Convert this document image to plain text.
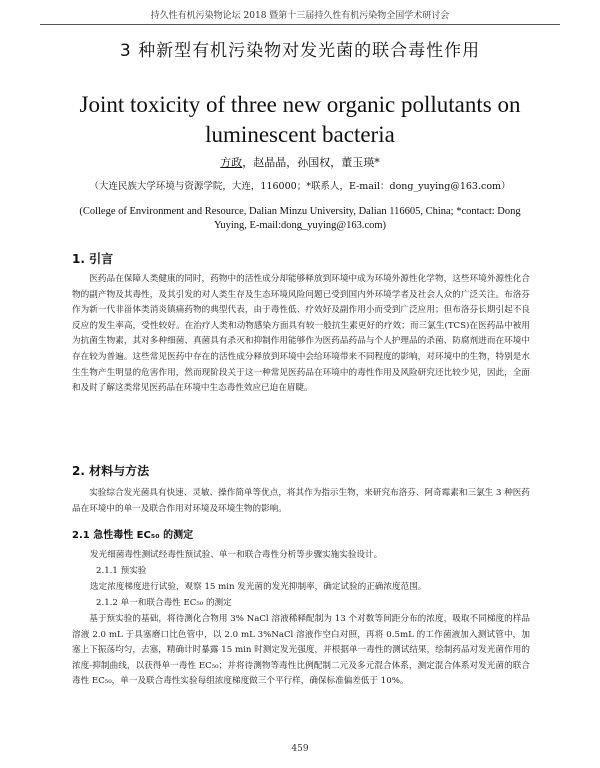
持久性有机污染物论坛 2018 暨第十三届持久性有机污染物全国学术研讨会
3 种新型有机污染物对发光菌的联合毒性作用
Joint toxicity of three new organic pollutants on luminescent bacteria
方政，赵晶晶，孙国权，董玉瑛*
（大连民族大学环境与资源学院，大连，116000；*联系人，E-mail：dong_yuying@163.com）
(College of Environment and Resource, Dalian Minzu University, Dalian 116605, China; *contact: Dong Yuying, E-mail:dong_yuying@163.com)
1. 引言
医药品在保障人类健康的同时，药物中的活性成分却能够释放到环境中成为环境外源性化学物，这些环境外源性化合物的副产物及其毒性，及其引发的对人类生存及生态环境风险问题已受到国内外环境学者及社会人众的广泛关注。布洛芬作为新一代非甾体类消炎镇痛药物的典型代表，由于毒性低、疗效好及副作用小而受到广泛应用；但布洛芬长期引起不良反应的发生率高，受性较好。在治疗人类和动物感染方面具有较一般抗生素更好的疗效；而三氯生(TCS)在医药品中被用为抗菌生物素，其对多种细菌、真菌具有杀灭和抑制作用能够作为医药品药品与个人护理品的杀菌、防腐剂进而在环境中存在较为普遍。这些常见医药中存在的活性成分释放到环境中会给环境带来不同程度的影响，对环境中的生物，特别是水生生物产生明显的危害作用，然而现阶段关于这一种常见医药品在环境中的毒性作用及风险研究还比较少见，因此，全面和及时了解这类常见医药品在环境中生态毒性效应已迫在眉睫。
2. 材料与方法
实验综合发光菌具有快速、灵敏、操作简单等优点，将其作为指示生物，来研究布洛芬、阿奇霉素和三氯生 3 种医药品在环境中的单一及联合作用对环境及环境生物的影响。
2.1 急性毒性 EC₅₀ 的测定
发光细菌毒性测试经毒性预试验、单一和联合毒性分析等步骤实施实验设计。
2.1.1 预实验
选定浓度梯度进行试验，观察 15 min 发光菌的发光抑制率，确定试验的正确浓度范围。
2.1.2 单一和联合毒性 EC₅₀ 的测定
基于预实验的基础，将待测化合物用 3% NaCl 溶液稀释配制为 13 个对数等间距分布的浓度，吸取不同梯度的样品溶液 2.0 mL 于具塞磨口比色管中，以 2.0 mL 3%NaCl 溶液作空白对照，再将 0.5mL 的工作菌液加入测试管中，加塞上下振荡均匀，去塞，精确计时暴露 15 min 时测定发光强度，并根据单一毒性的测试结果，绘制药品对发光菌作用的浓度-抑制曲线，以获得单一毒性 EC₅₀；并将待测物等毒性比例配制二元及多元混合体系，测定混合体系对发光菌的联合毒性 EC₅₀，单一及联合毒性实验每组浓度梯度做三个平行样，确保标准偏差低于 10%。
459
